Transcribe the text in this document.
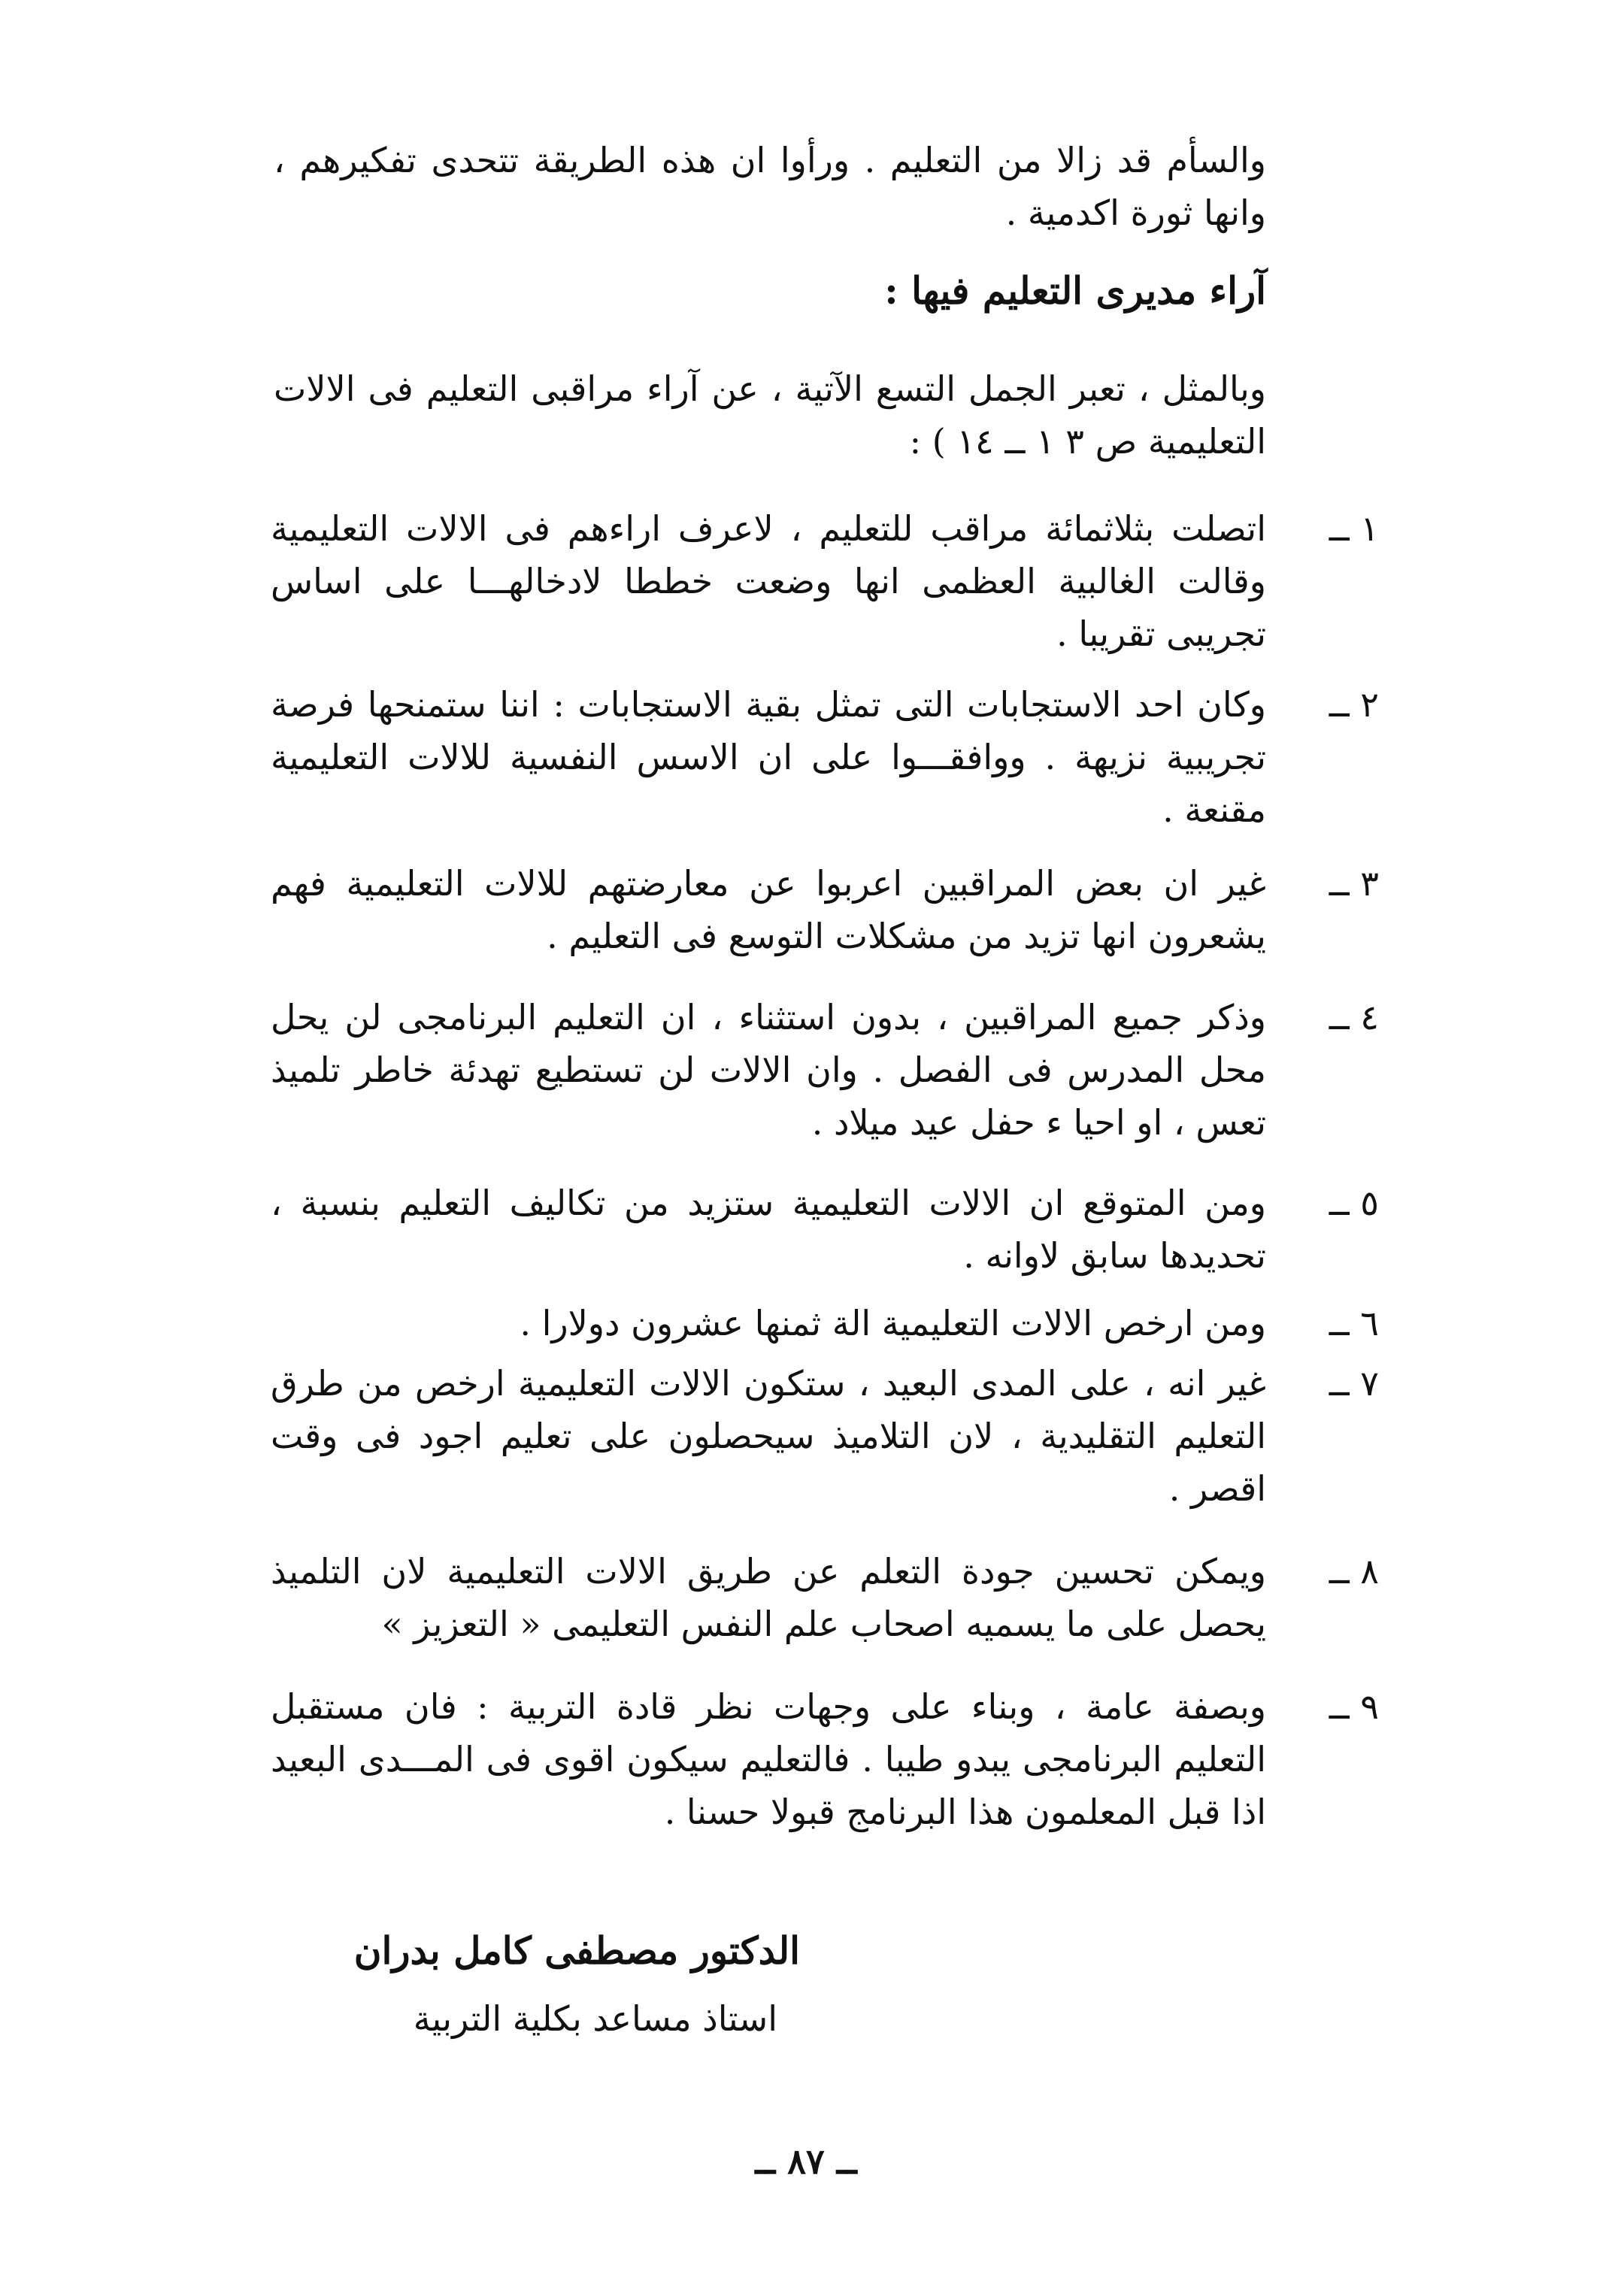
والسأم قد زالا من التعليم . ورأوا ان هذه الطريقة تتحدى تفكيرهم ، وانها ثورة اكدمية .

آراء مديرى التعليم فيها :

وبالمثل ، تعبر الجمل التسع الآتية ، عن آراء مراقبى التعليم فى الالات التعليمية ص ٣ ١ ــ ١٤ ) :

١ ــ
اتصلت بثلاثمائة مراقب للتعليم ، لاعرف اراءهم فى الالات التعليمية وقالت الغالبية العظمى انها وضعت خططا لادخالهـــا على اساس تجريبى تقريبا .
٢ ــ
وكان احد الاستجابات التى تمثل بقية الاستجابات : اننا ستمنحها فرصة تجريبية نزيهة . ووافقـــوا على ان الاسس النفسية للالات التعليمية مقنعة .
٣ ــ
غير ان بعض المراقبين اعربوا عن معارضتهم للالات التعليمية فهم يشعرون انها تزيد من مشكلات التوسع فى التعليم .
٤ ــ
وذكر جميع المراقبين ، بدون استثناء ، ان التعليم البرنامجى لن يحل محل المدرس فى الفصل . وان الالات لن تستطيع تهدئة خاطر تلميذ تعس ، او احيا ء حفل عيد ميلاد .
٥ ــ
ومن المتوقع ان الالات التعليمية ستزيد من تكاليف التعليم بنسبة ، تحديدها سابق لاوانه .
٦ ــ
ومن ارخص الالات التعليمية الة ثمنها عشرون دولارا .
٧ ــ
غير انه ، على المدى البعيد ، ستكون الالات التعليمية ارخص من طرق التعليم التقليدية ، لان التلاميذ سيحصلون على تعليم اجود فى وقت اقصر .
٨ ــ
ويمكن تحسين جودة التعلم عن طريق الالات التعليمية لان التلميذ يحصل على ما يسميه اصحاب علم النفس التعليمى « التعزيز »
٩ ــ
وبصفة عامة ، وبناء على وجهات نظر قادة التربية : فان مستقبل التعليم البرنامجى يبدو طيبا . فالتعليم سيكون اقوى فى المـــدى البعيد اذا قبل المعلمون هذا البرنامج قبولا حسنا .
الدكتور مصطفى كامل بدران
استاذ مساعد بكلية التربية
ــ ٨٧ ــ
